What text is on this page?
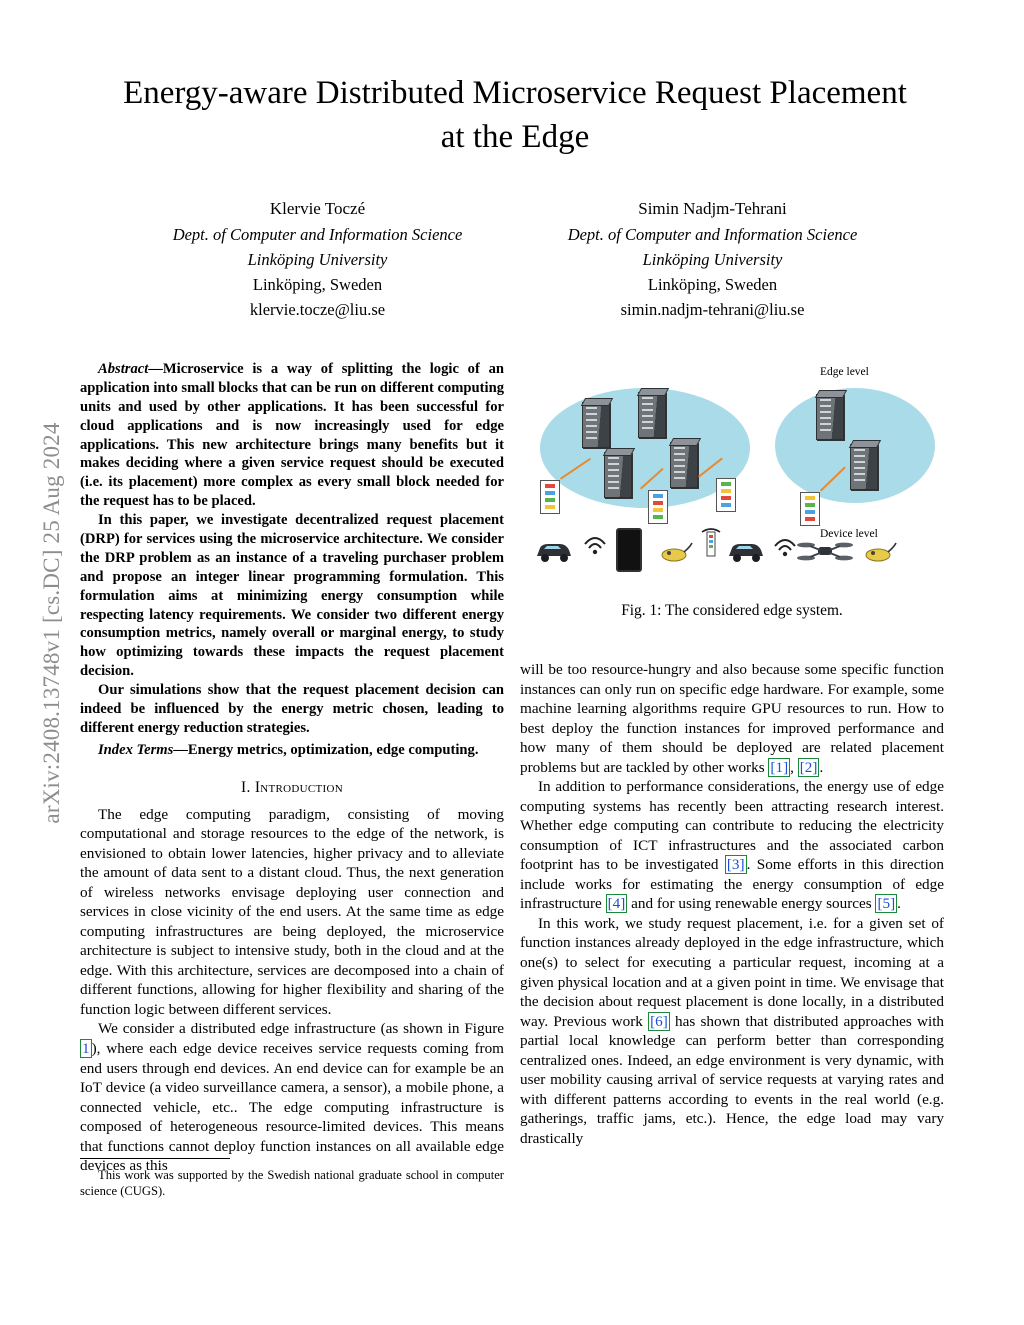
arXiv:2408.13748v1 [cs.DC] 25 Aug 2024
Energy-aware Distributed Microservice Request Placement at the Edge
Klervie Toczé
Dept. of Computer and Information Science
Linköping University
Linköping, Sweden
klervie.tocze@liu.se
Simin Nadjm-Tehrani
Dept. of Computer and Information Science
Linköping University
Linköping, Sweden
simin.nadjm-tehrani@liu.se

Abstract—Microservice is a way of splitting the logic of an application into small blocks that can be run on different computing units and used by other applications. It has been successful for cloud applications and is now increasingly used for edge applications. This new architecture brings many benefits but it makes deciding where a given service request should be executed (i.e. its placement) more complex as every small block needed for the request has to be placed.

In this paper, we investigate decentralized request placement (DRP) for services using the microservice architecture. We consider the DRP problem as an instance of a traveling purchaser problem and propose an integer linear programming formulation. This formulation aims at minimizing energy consumption while respecting latency requirements. We consider two different energy consumption metrics, namely overall or marginal energy, to study how optimizing towards these impacts the request placement decision.

Our simulations show that the request placement decision can indeed be influenced by the energy metric chosen, leading to different energy reduction strategies.

Index Terms—Energy metrics, optimization, edge computing.
I. Introduction

The edge computing paradigm, consisting of moving computational and storage resources to the edge of the network, is envisioned to obtain lower latencies, higher privacy and to alleviate the amount of data sent to a distant cloud. Thus, the next generation of wireless networks envisage deploying user connection and services in close vicinity of the end users. At the same time as edge computing infrastructures are being deployed, the microservice architecture is subject to intensive study, both in the cloud and at the edge. With this architecture, services are decomposed into a chain of different functions, allowing for higher flexibility and sharing of the function logic between different services.

We consider a distributed edge infrastructure (as shown in Figure 1 ), where each edge device receives service requests coming from end users through end devices. An end device can for example be an IoT device (a video surveillance camera, a sensor), a mobile phone, a connected vehicle, etc.. The edge computing infrastructure is composed of heterogeneous resource-limited devices. This means that functions cannot deploy function instances on all available edge devices as this

This work was supported by the Swedish national graduate school in computer science (CUGS).
Edge level
Device level
Fig. 1: The considered edge system.

will be too resource-hungry and also because some specific function instances can only run on specific edge hardware. For example, some machine learning algorithms require GPU resources to run. How to best deploy the function instances for improved performance and how many of them should be deployed are related placement problems but are tackled by other works [1] , [2] .

In addition to performance considerations, the energy use of edge computing systems has recently been attracting research interest. Whether edge computing can contribute to reducing the electricity consumption of ICT infrastructures and the associated carbon footprint has to be investigated [3] . Some efforts in this direction include works for estimating the energy consumption of edge infrastructure [4] and for using renewable energy sources [5] .

In this work, we study request placement, i.e. for a given set of function instances already deployed in the edge infrastructure, which one(s) to select for executing a particular request, incoming at a given physical location and at a given point in time. We envisage that the decision about request placement is done locally, in a distributed way. Previous work [6] has shown that distributed approaches with partial local knowledge can perform better than corresponding centralized ones. Indeed, an edge environment is very dynamic, with user mobility causing arrival of service requests at varying rates and with different patterns according to events in the real world (e.g. gatherings, traffic jams, etc.). Hence, the edge load may vary drastically
